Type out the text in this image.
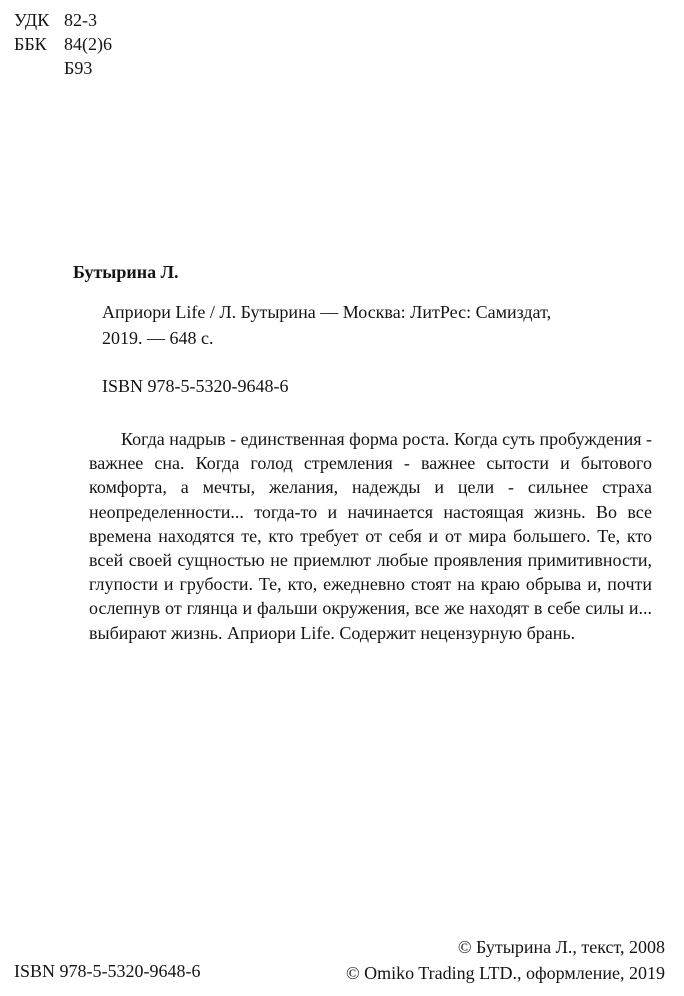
УДК 82-3
ББК 84(2)6
Б93
Бутырина Л.
Априори Life / Л. Бутырина — Москва: ЛитРес: Самиздат,
2019. — 648 с.
ISBN 978-5-5320-9648-6
Когда надрыв - единственная форма роста. Когда суть пробуждения - важнее сна. Когда голод стремления - важнее сытости и бытового комфорта, а мечты, желания, надежды и цели - сильнее страха неопределенности... тогда-то и начинается настоящая жизнь. Во все времена находятся те, кто требует от себя и от мира большего. Те, кто всей своей сущностью не приемлют любые проявления примитивности, глупости и грубости. Те, кто, ежедневно стоят на краю обрыва и, почти ослепнув от глянца и фальши окружения, все же находят в себе силы и... выбирают жизнь. Априори Life. Содержит нецензурную брань.
ISBN 978-5-5320-9648-6
© Бутырина Л., текст, 2008
© Omiko Trading LTD., оформление, 2019
